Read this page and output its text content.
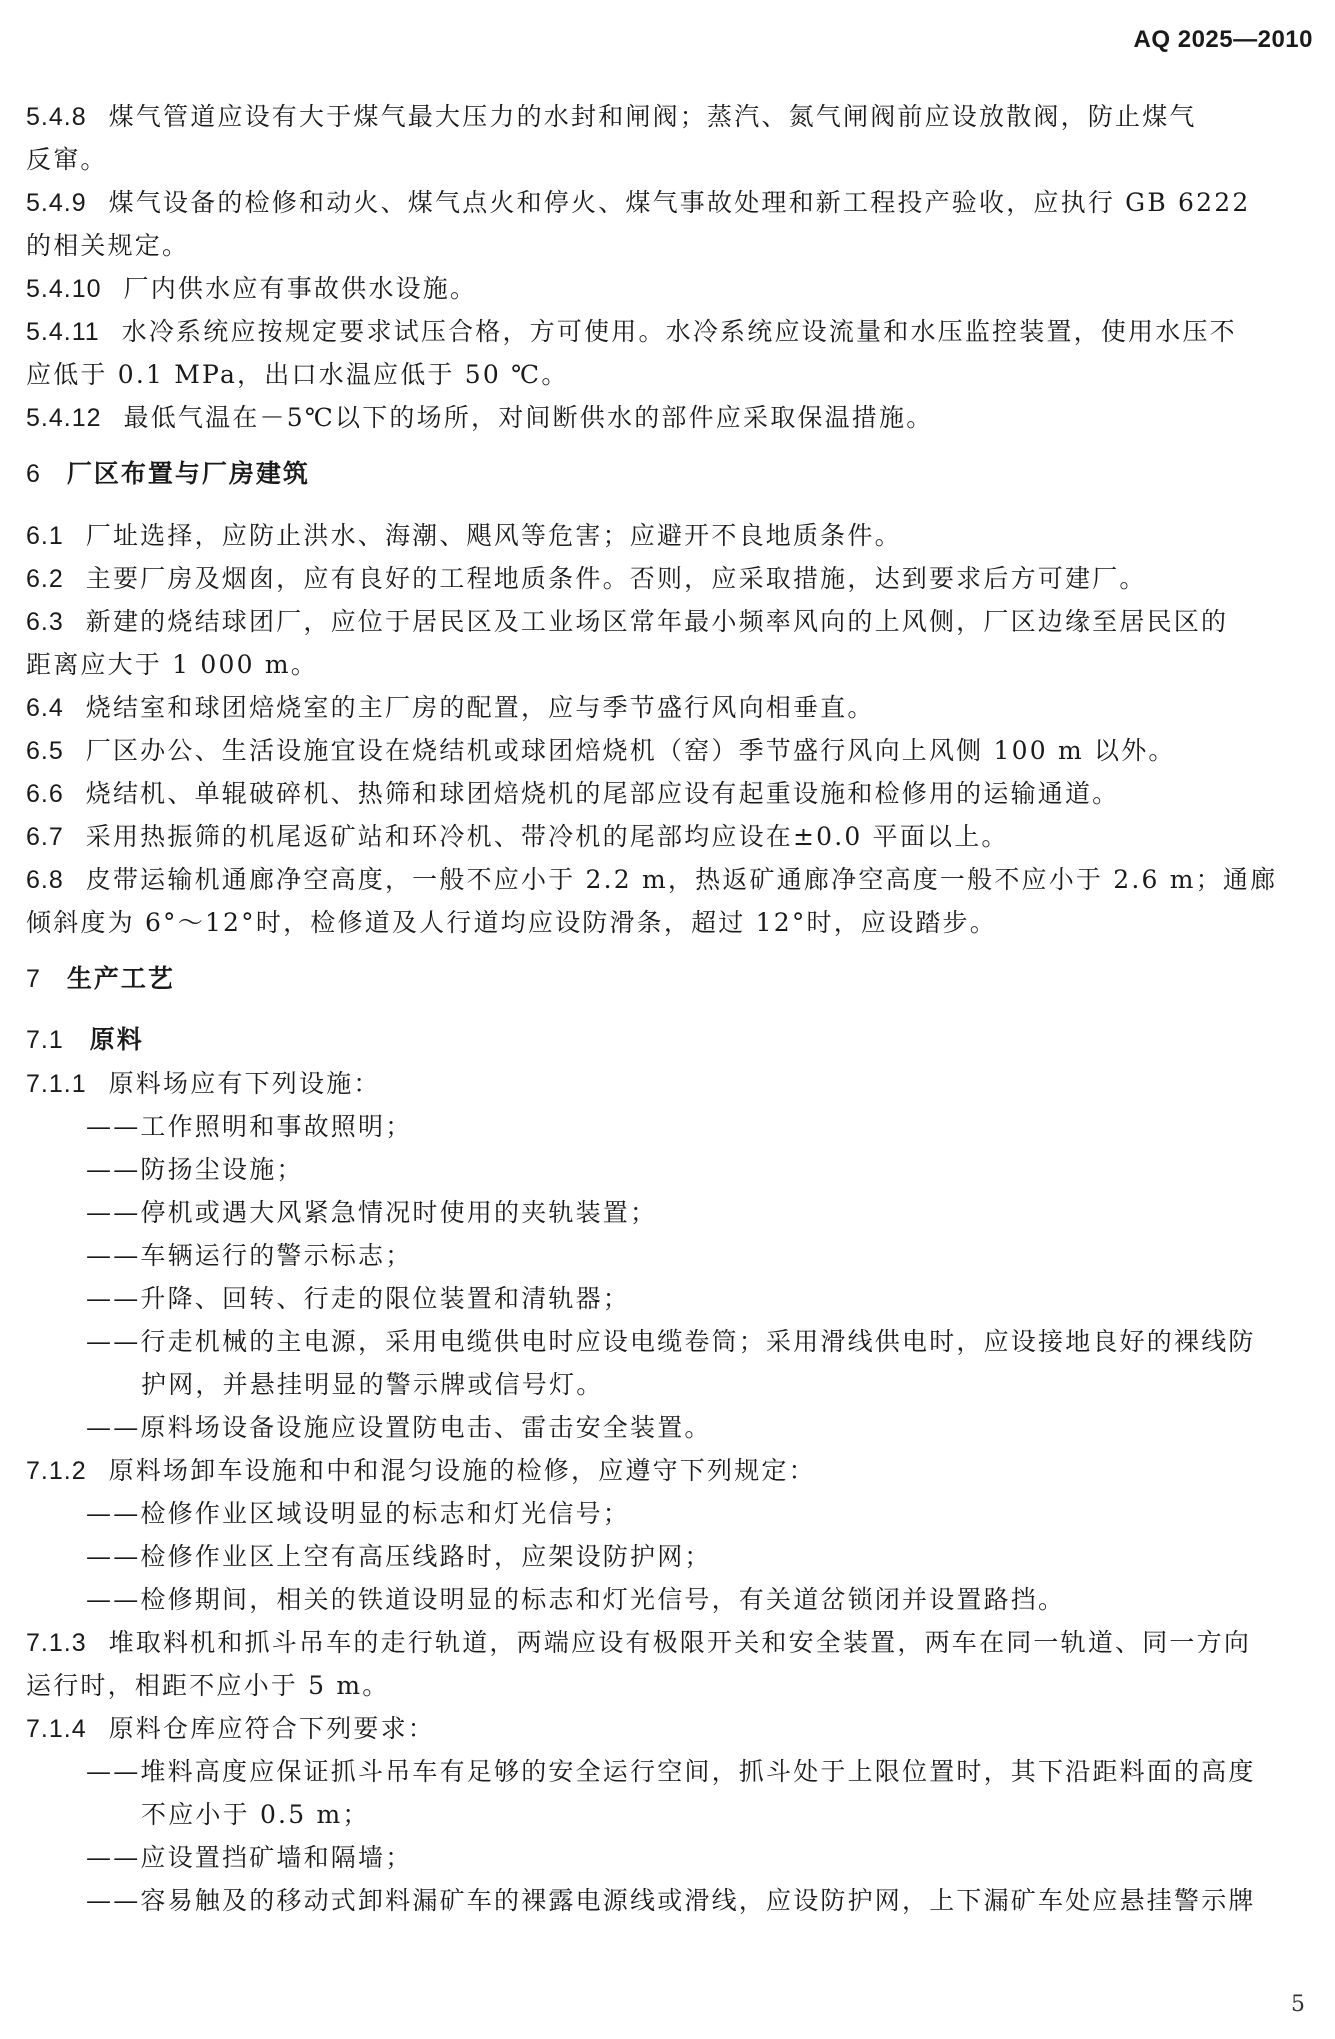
AQ 2025—2010
5.4.8 煤气管道应设有大于煤气最大压力的水封和闸阀；蒸汽、氮气闸阀前应设放散阀，防止煤气
反窜。
5.4.9 煤气设备的检修和动火、煤气点火和停火、煤气事故处理和新工程投产验收，应执行 GB 6222
的相关规定。
5.4.10 厂内供水应有事故供水设施。
5.4.11 水冷系统应按规定要求试压合格，方可使用。水冷系统应设流量和水压监控装置，使用水压不
应低于 0.1 MPa，出口水温应低于 50 ℃。
5.4.12 最低气温在－5℃以下的场所，对间断供水的部件应采取保温措施。
6 厂区布置与厂房建筑
6.1 厂址选择，应防止洪水、海潮、飓风等危害；应避开不良地质条件。
6.2 主要厂房及烟囱，应有良好的工程地质条件。否则，应采取措施，达到要求后方可建厂。
6.3 新建的烧结球团厂，应位于居民区及工业场区常年最小频率风向的上风侧，厂区边缘至居民区的
距离应大于 1 000 m。
6.4 烧结室和球团焙烧室的主厂房的配置，应与季节盛行风向相垂直。
6.5 厂区办公、生活设施宜设在烧结机或球团焙烧机（窑）季节盛行风向上风侧 100 m 以外。
6.6 烧结机、单辊破碎机、热筛和球团焙烧机的尾部应设有起重设施和检修用的运输通道。
6.7 采用热振筛的机尾返矿站和环冷机、带冷机的尾部均应设在±0.0 平面以上。
6.8 皮带运输机通廊净空高度，一般不应小于 2.2 m，热返矿通廊净空高度一般不应小于 2.6 m；通廊
倾斜度为 6°～12°时，检修道及人行道均应设防滑条，超过 12°时，应设踏步。
7 生产工艺
7.1 原料
7.1.1 原料场应有下列设施：
——工作照明和事故照明；
——防扬尘设施；
——停机或遇大风紧急情况时使用的夹轨装置；
——车辆运行的警示标志；
——升降、回转、行走的限位装置和清轨器；
——行走机械的主电源，采用电缆供电时应设电缆卷筒；采用滑线供电时，应设接地良好的裸线防
护网，并悬挂明显的警示牌或信号灯。
——原料场设备设施应设置防电击、雷击安全装置。
7.1.2 原料场卸车设施和中和混匀设施的检修，应遵守下列规定：
——检修作业区域设明显的标志和灯光信号；
——检修作业区上空有高压线路时，应架设防护网；
——检修期间，相关的铁道设明显的标志和灯光信号，有关道岔锁闭并设置路挡。
7.1.3 堆取料机和抓斗吊车的走行轨道，两端应设有极限开关和安全装置，两车在同一轨道、同一方向
运行时，相距不应小于 5 m。
7.1.4 原料仓库应符合下列要求：
——堆料高度应保证抓斗吊车有足够的安全运行空间，抓斗处于上限位置时，其下沿距料面的高度
不应小于 0.5 m；
——应设置挡矿墙和隔墙；
——容易触及的移动式卸料漏矿车的裸露电源线或滑线，应设防护网，上下漏矿车处应悬挂警示牌
5
